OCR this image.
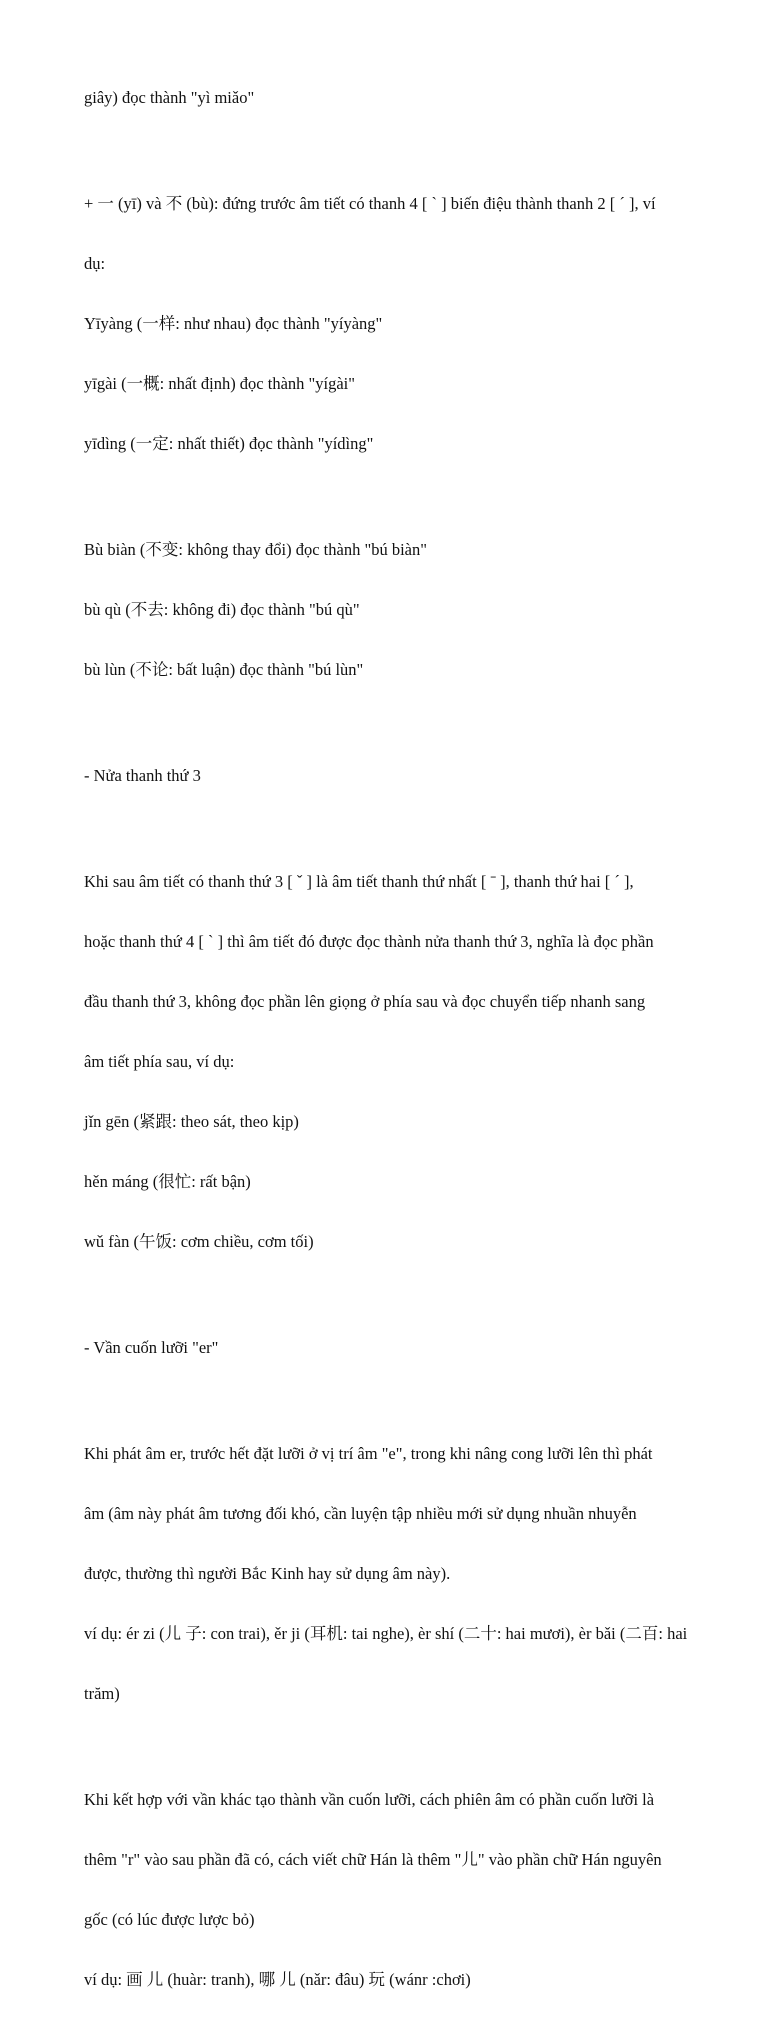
giây) đọc thành "yì miǎo"

+ 一 (yī) và 不 (bù): đứng trước âm tiết có thanh 4 [ ` ] biến điệu thành thanh 2 [ ´ ], ví

dụ:

Yīyàng (一样: như nhau) đọc thành "yíyàng"

yīgài (一概: nhất định) đọc thành "yígài"

yīdìng (一定: nhất thiết) đọc thành "yídìng"

Bù biàn (不变: không thay đổi) đọc thành "bú biàn"

bù qù (不去: không đi) đọc thành "bú qù"

bù lùn (不论: bất luận) đọc thành "bú lùn"

- Nửa thanh thứ 3

Khi sau âm tiết có thanh thứ 3 [ ˇ ] là âm tiết thanh thứ nhất [ ˉ ], thanh thứ hai [ ´ ],

hoặc thanh thứ 4 [ ` ] thì âm tiết đó được đọc thành nửa thanh thứ 3, nghĩa là đọc phần

đầu thanh thứ 3, không đọc phần lên giọng ở phía sau và đọc chuyển tiếp nhanh sang

âm tiết phía sau, ví dụ:

jǐn gēn (紧跟: theo sát, theo kịp)

hěn máng (很忙: rất bận)

wǔ fàn (午饭: cơm chiều, cơm tối)

- Vần cuốn lưỡi "er"

Khi phát âm er, trước hết đặt lưỡi ở vị trí âm "e", trong khi nâng cong lưỡi lên thì phát

âm (âm này phát âm tương đối khó, cần luyện tập nhiều mới sử dụng nhuần nhuyễn

được, thường thì người Bắc Kinh hay sử dụng âm này).

ví dụ: ér zi (儿 子: con trai), ěr ji (耳机: tai nghe), èr shí (二十: hai mươi), èr bǎi (二百: hai

trăm)

Khi kết hợp với vần khác tạo thành vần cuốn lưỡi, cách phiên âm có phần cuốn lưỡi là

thêm "r" vào sau phần đã có, cách viết chữ Hán là thêm "儿" vào phần chữ Hán nguyên

gốc (có lúc được lược bỏ)

ví dụ: 画 儿 (huàr: tranh), 哪 儿 (nǎr: đâu) 玩 (wánr :chơi)
